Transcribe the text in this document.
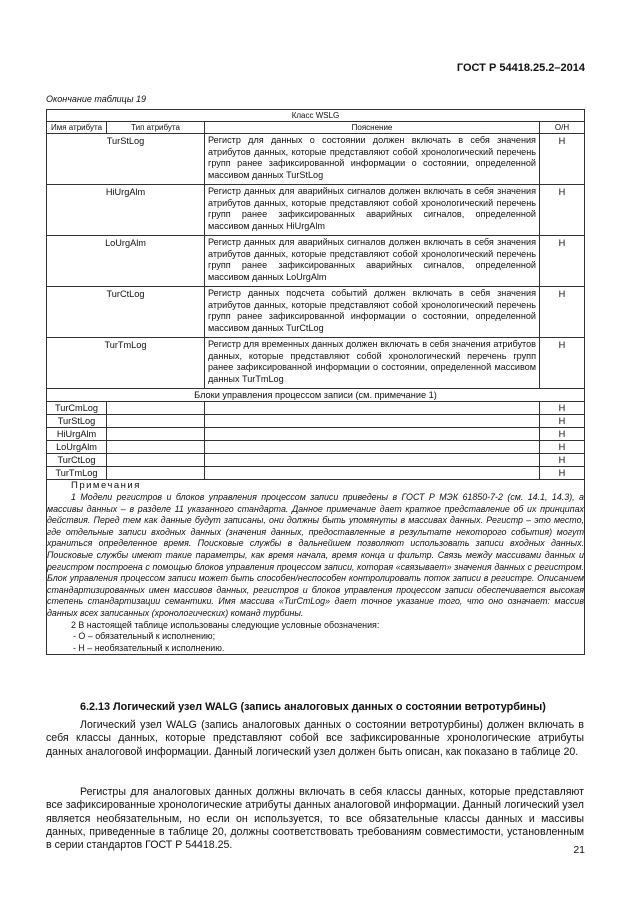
ГОСТ Р 54418.25.2–2014
Окончание таблицы 19
Класс WSLG			
Имя атрибута	Тип атрибута	Пояснение	О/Н
TurStLog		Регистр для данных о состоянии должен включать в себя значения атрибутов данных, которые представляют собой хронологический перечень групп ранее зафиксированной информации о состоянии, определенной массивом данных TurStLog	Н
HiUrgAlm		Регистр данных для аварийных сигналов должен включать в себя значения атрибутов данных, которые представляют собой хронологический перечень групп ранее зафиксированных аварийных сигналов, определенной массивом данных HiUrgAlm	Н
LoUrgAlm		Регистр данных для аварийных сигналов должен включать в себя значения атрибутов данных, которые представляют собой хронологический перечень групп ранее зафиксированных аварийных сигналов, определенной массивом данных LoUrgAlm	Н
TurCtLog		Регистр данных подсчета событий должен включать в себя значения атрибутов данных, которые представляют собой хронологический перечень групп ранее зафиксированной информации о состоянии, определенной массивом данных TurCtLog	Н
TurTmLog		Регистр для временных данных должен включать в себя значения атрибутов данных, которые представляют собой хронологический перечень групп ранее зафиксированной информации о состоянии, определенной массивом данных TurTmLog	Н
Блоки управления процессом записи (см. примечание 1)			
TurCmLog			Н
TurStLog			Н
HiUrgAlm			Н
LoUrgAlm			Н
TurCtLog			Н
TurTmLog			Н

Примечания
1 Модели регистров и блоков управления процессом записи приведены в ГОСТ Р МЭК 61850-7-2 (см. 14.1, 14.3), а массивы данных – в разделе 11 указанного стандарта. Данное примечание дает краткое представление об их принципах действия. Перед тем как данные будут записаны, они должны быть упомянуты в массивах данных. Регистр – это место, где отдельные записи входных данных (значения данных, предоставленные в результате некоторого события) могут храниться определенное время. Поисковые службы в дальнейшем позволяют использовать записи входных данных. Поисковые службы имеют такие параметры, как время начала, время конца и фильтр. Связь между массивами данных и регистром построена с помощью блоков управления процессом записи, которая «связывает» значения данных с регистром. Блок управления процессом записи может быть способен/неспособен контролировать поток записи в регистре. Описанием стандартизированных имен массивов данных, регистров и блоков управления процессом записи обеспечивается высокая степень стандартизации семантики. Имя массива «TurCmLog» дает точное указание того, что оно означает: массив данных всех записанных (хронологических) команд турбины.
2 В настоящей таблице использованы следующие условные обозначения:
- О – обязательный к исполнению;
- Н – необязательный к исполнению.			
6.2.13 Логический узел WALG (запись аналоговых данных о состоянии ветротурбины)
Логический узел WALG (запись аналоговых данных о состоянии ветротурбины) должен включать в себя классы данных, которые представляют собой все зафиксированные хронологические атрибуты данных аналоговой информации. Данный логический узел должен быть описан, как показано в таблице 20.
Регистры для аналоговых данных должны включать в себя классы данных, которые представляют все зафиксированные хронологические атрибуты данных аналоговой информации. Данный логический узел является необязательным, но если он используется, то все обязательные классы данных и массивы данных, приведенные в таблице 20, должны соответствовать требованиям совместимости, установленным в серии стандартов ГОСТ Р 54418.25.	21
